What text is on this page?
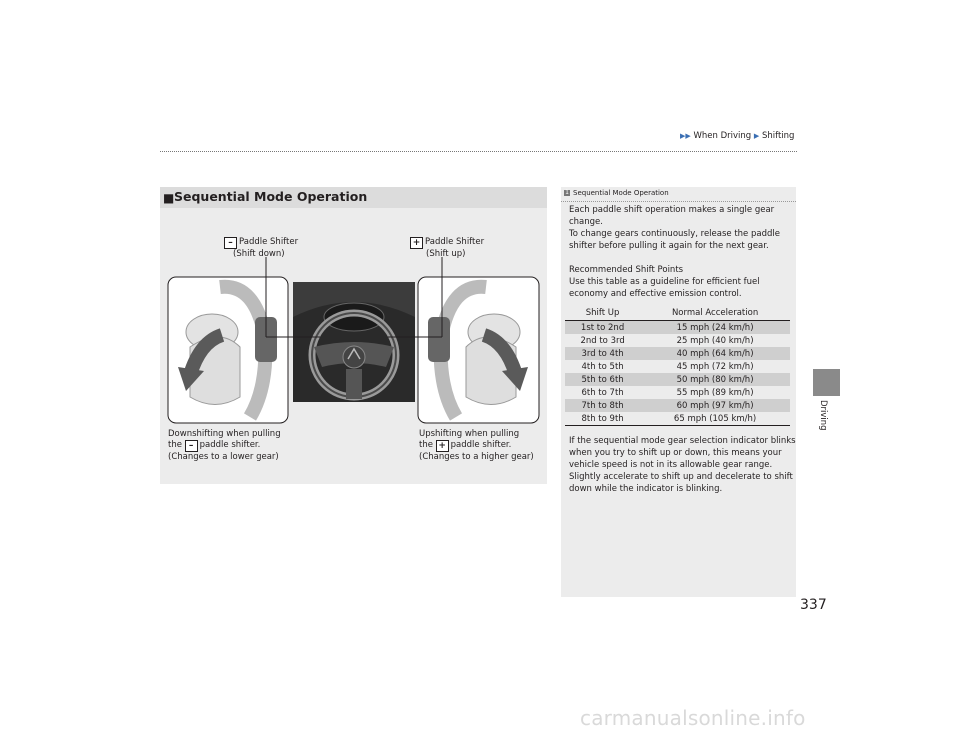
▶▶ When Driving ▶ Shifting
Driving
■ Sequential Mode Operation
– Paddle Shifter
(Shift down)
+ Paddle Shifter
(Shift up)
Downshifting when pulling
the – paddle shifter.
(Changes to a lower gear)
Upshifting when pulling
the + paddle shifter.
(Changes to a higher gear)
1 Sequential Mode Operation
Each paddle shift operation makes a single gear
change.
To change gears continuously, release the paddle
shifter before pulling it again for the next gear.
Recommended Shift Points
Use this table as a guideline for efficient fuel
economy and effective emission control.
Shift Up	Normal Acceleration
1st to 2nd	15 mph (24 km/h)
2nd to 3rd	25 mph (40 km/h)
3rd to 4th	40 mph (64 km/h)
4th to 5th	45 mph (72 km/h)
5th to 6th	50 mph (80 km/h)
6th to 7th	55 mph (89 km/h)
7th to 8th	60 mph (97 km/h)
8th to 9th	65 mph (105 km/h)
If the sequential mode gear selection indicator blinks
when you try to shift up or down, this means your
vehicle speed is not in its allowable gear range.
Slightly accelerate to shift up and decelerate to shift
down while the indicator is blinking.
337
carmanualsonline.info
